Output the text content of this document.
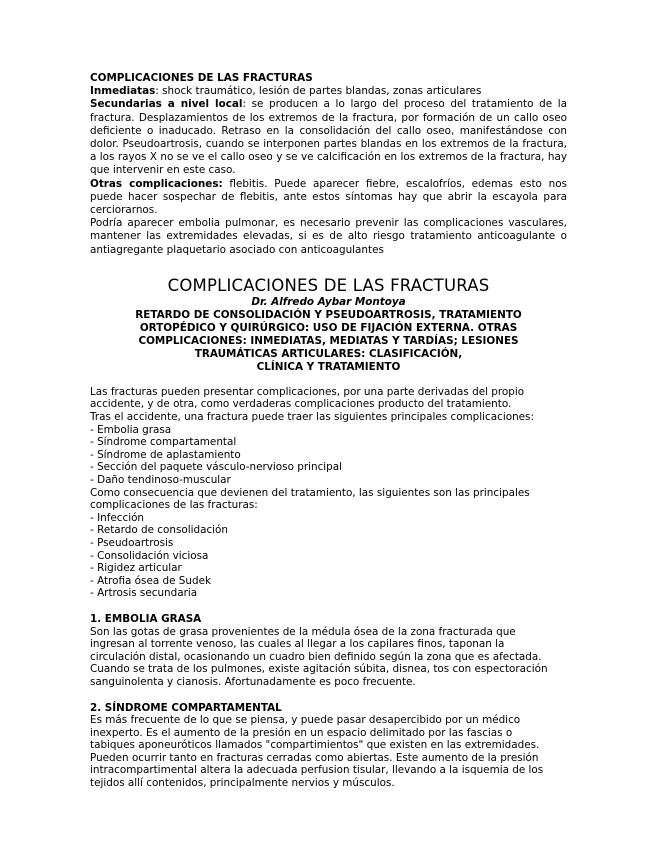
COMPLICACIONES DE LAS FRACTURAS

Inmediatas: shock traumático, lesión de partes blandas, zonas articulares

Secundarias a nivel local: se producen a lo largo del proceso del tratamiento de la fractura. Desplazamientos de los extremos de la fractura, por formación de un callo oseo deficiente o inaducado. Retraso en la consolidación del callo oseo, manifestándose con dolor. Pseudoartrosis, cuando se interponen partes blandas en los extremos de la fractura, a los rayos X no se ve el callo oseo y se ve calcificación en los extremos de la fractura, hay que intervenir en este caso.

Otras complicaciones: flebitis. Puede aparecer fiebre, escalofríos, edemas esto nos puede hacer sospechar de flebitis, ante estos síntomas hay que abrir la escayola para cerciorarnos.

Podría aparecer embolia pulmonar, es necesario prevenir las complicaciones vasculares, mantener las extremidades elevadas, si es de alto riesgo tratamiento anticoagulante o antiagregante plaquetario asociado con anticoagulantes

COMPLICACIONES DE LAS FRACTURAS

Dr. Alfredo Aybar Montoya

RETARDO DE CONSOLIDACIÓN Y PSEUDOARTROSIS, TRATAMIENTO

ORTOPÉDICO Y QUIRÚRGICO: USO DE FIJACIÓN EXTERNA. OTRAS

COMPLICACIONES: INMEDIATAS, MEDIATAS Y TARDÍAS; LESIONES

TRAUMÁTICAS ARTICULARES: CLASIFICACIÓN,

CLÍNICA Y TRATAMIENTO

Las fracturas pueden presentar complicaciones, por una parte derivadas del propio

accidente, y de otra, como verdaderas complicaciones producto del tratamiento.

Tras el accidente, una fractura puede traer las siguientes principales complicaciones:

- Embolia grasa
- Síndrome compartamental
- Síndrome de aplastamiento
- Sección del paquete vásculo-nervioso principal
- Daño tendinoso-muscular

Como consecuencia que devienen del tratamiento, las siguientes son las principales

complicaciones de las fracturas:

- Infección
- Retardo de consolidación
- Pseudoartrosis
- Consolidación viciosa
- Rigidez articular
- Atrofia ósea de Sudek
- Artrosis secundaria

1. EMBOLIA GRASA

Son las gotas de grasa provenientes de la médula ósea de la zona fracturada que

ingresan al torrente venoso, las cuales al llegar a los capilares finos, taponan la

circulación distal, ocasionando un cuadro bien definido según la zona que es afectada.

Cuando se trata de los pulmones, existe agitación súbita, disnea, tos con espectoración

sanguinolenta y cianosis. Afortunadamente es poco frecuente.

2. SÍNDROME COMPARTAMENTAL

Es más frecuente de lo que se piensa, y puede pasar desapercibido por un médico

inexperto. Es el aumento de la presión en un espacio delimitado por las fascias o

tabiques aponeuróticos llamados "compartimientos" que existen en las extremidades.

Pueden ocurrir tanto en fracturas cerradas como abiertas. Este aumento de la presión

intracompartimental altera la adecuada perfusion tisular, llevando a la isquemia de los

tejidos allí contenidos, principalmente nervios y músculos.
